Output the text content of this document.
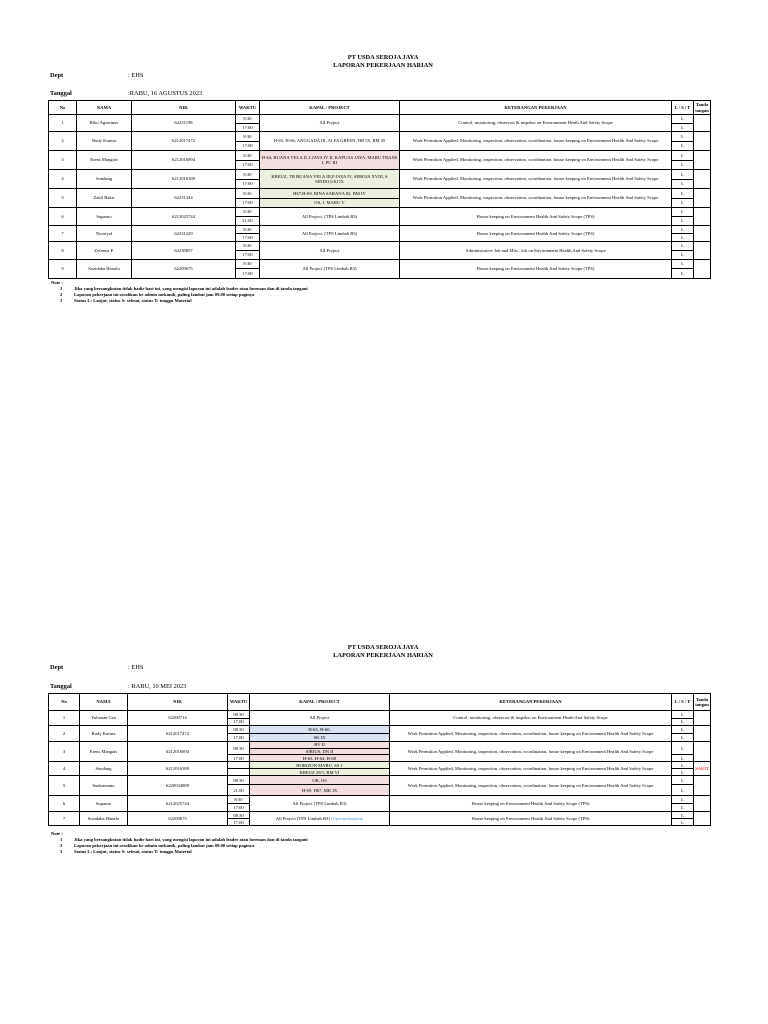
PT USDA SEROJA JAYA
LAPORAN PEKERJAAN HARIAN
Dept	: EHS
Tanggal	:RABU, 16 AGUSTUS 2023
No	NAMA	NIK	WAKTU	KAPAL / PROJECT	KETERANGAN PEKERJAAN	L / S / T	Tanda tangan
1	Riko Agustinus	62231198	8:30	All Project	Control, monitoring, observasi & inspeksi on Environment Heath And Safety Scope	L	
			17:00			L	
2	Rudy Kurnia	6212017472	8:30	H-65, H-66, ANGGADA III, ALFA GREEN, HB IX, BM 35	Work Permition Applied, Monitoring, inspection, observation, coordination, house keeping on Environment Health And Safety Scope	L	
			17:00			L	
3	Erens Mangais	6212016894	8:30	H-64, BUANA VELA II, LJAYA IV II, KAPUAS JAYA, MARU TRANS I, PC III	Work Permition Applied, Monitoring, inspection, observation, coordination, house keeping on Environment Health And Safety Scope	L	
			17:00			L	
4	Sondang	6212016389	8:30	KREUZ, TB BUANA VELA III,P JAYA IV, SEROJA XVIII, S SINDO,USJ IX	Work Permition Applied, Monitoring, inspection, observation, coordination, house keeping on Environment Health And Safety Scope	L	
			17:00			L	
5	Zakil Bakri	62231344	8:30	H67,H-69, BINA SARANA 82, BM IV	Work Permition Applied, Monitoring, inspection, observation, coordination, house keeping on Environment Health And Safety Scope	L	
			17:00	OS, J. MARU V		L	
6	Suparno	6212025744	8:30	All Project, (TPS Limbah B3)	House keeping on Environment Health And Safety Scope (TPS)	L	
			21:00			L	
7	Nooriyal	62231229	8:30	All Project, (TPS Limbah B3)	House keeping on Environment Health And Safety Scope (TPS)	L	
			17:00			L	
8	Zefanya P.	62230857	8:30	All Project	Administrative Job and Misc. Job on Environment Health And Safety Scope	L	
			17:00			L	
9	Sozidaha Hanafu	62200675	8:30	All Project (TPS Limbah B3)	House keeping on Environment Health And Safety Scope (TPS)	L	
			17:00			L	
Note :
1	Jika yang bersangkutan tidak hadir hari ini, yang mengisi laporan ini adalah leader atau foreman dan di tanda tangani
2	Laporan pekerjaan ini serahkan ke admin mekanik, paling lambat jam 09.00 setiap paginya
3	Status L: Lanjut, status S: selesai, status T: tunggu Material
PT USDA SEROJA JAYA
LAPORAN PEKERJAAN HARIAN
Dept	: EHS
Tanggal	: RABU, 10 MEI 2023
No	NAMA	NIK	WAKTU	KAPAL / PROJECT	KETERANGAN PEKERJAAN	L / S / T	Tanda tangan
1	Yulaman Gea	62200714	08.30	All Project	Control, monitoring, observasi & inspeksi on Environment Heath And Safety Scope	L	
			17.00			L	
2	Rudy Kurnia	6212017472	08.30	H-65, H-66,	Work Permition Applied, Monitoring, inspection, observation, coordination, house keeping on Environment Health And Safety Scope	L	
			17.00	SK IX		L	
3	Erens Mangais	6212016894	08.30	BV II	Work Permition Applied, Monitoring, inspection, observation, coordination, house keeping on Environment Health And Safety Scope	L	
				SIRIUS, DN II			
			17.00	H-63, H-64, H-68		L	
4	Sondang	6212016389		HORIZON MARU, SS 1	Work Permition Applied, Monitoring, inspection, observation, coordination, house keeping on Environment Health And Safety Scope	L	SAKIT
				KREUZ 29/1, BM VI		L	
5	Sudarmanto	6220034889	08.30	OB, OS	Work Permition Applied, Monitoring, inspection, observation, coordination, house keeping on Environment Health And Safety Scope	L	
			21.00	H-69, H67, MK IX		L	
6	Suparno	6212025744	8:30	All Project (TPS Limbah B3)	House keeping on Environment Health And Safety Scope (TPS)	L	
			17:00			L	
7	Sozidaha Hanafu	62200675	08.30	All Project (TPS Limbah B3) Dipertimbangkan	House keeping on Environment Health And Safety Scope (TPS)	L	
			17.00			L	
Note :
1	Jika yang bersangkutan tidak hadir hari ini, yang mengisi laporan ini adalah leader atau foreman dan di tanda tangani
2	Laporan pekerjaan ini serahkan ke admin mekanik, paling lambat jam 09.00 setiap paginya
3	Status L: Lanjut, status S: selesai, status T: tunggu Material
